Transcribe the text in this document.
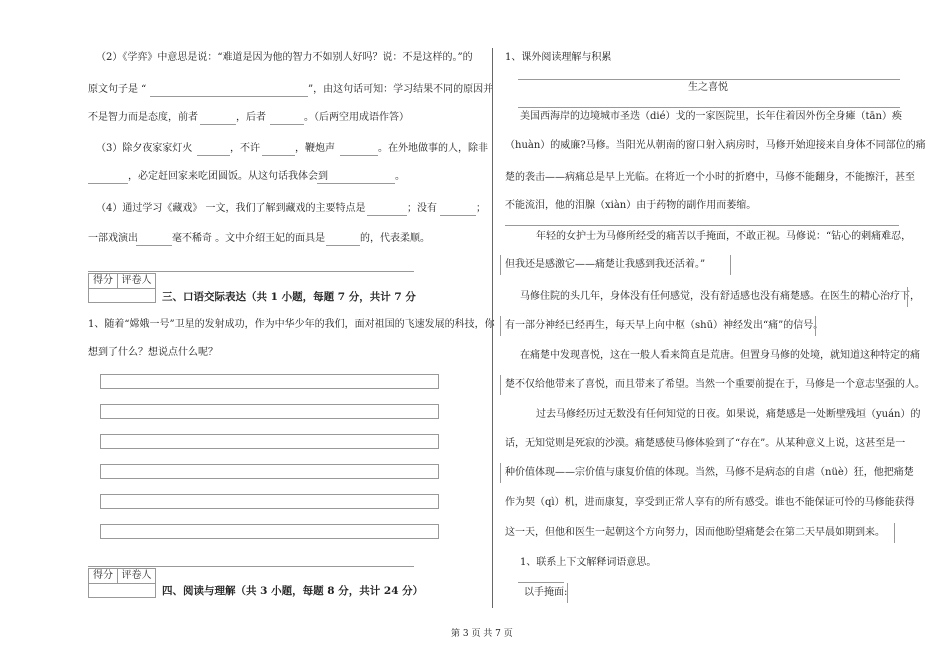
（2）《学弈》中意思是说：“难道是因为他的智力不如别人好吗？说：不是这样的。”的
原文句子是 “	”，由这句话可知：学习结果不同的原因并
不是智力而是态度，前者	，后者	。（后两空用成语作答）
（3）除夕夜家家灯火	，不许	，鞭炮声	。在外地做事的人，除非
，必定赶回家来吃团圆饭。从这句话我体会到	。
（4）通过学习《藏戏》 一文，我们了解到藏戏的主要特点是	；没有	；
一部戏演出	毫不稀奇 。文中介绍王妃的面具是	的，代表柔顺。
得分 评卷人
三、口语交际表达（共 1 小题，每题 7 分，共计 7 分
1、随着“嫦娥一号”卫星的发射成功，作为中华少年的我们，面对祖国的飞速发展的科技，你
想到了什么？想说点什么呢？
得分 评卷人
四、阅读与理解（共 3 小题，每题 8 分，共计 24 分）
1、课外阅读理解与积累
生之喜悦
美国西海岸的边境城市圣迭（dié）戈的一家医院里，长年住着因外伤全身瘫（tān）痪
（huàn）的威廉?马修。当阳光从朝南的窗口射入病房时，马修开始迎接来自身体不同部位的痛
楚的袭击——病痛总是早上光临。在将近一个小时的折磨中，马修不能翻身，不能擦汗，甚至
不能流泪，他的泪腺（xiàn）由于药物的副作用而萎缩。
年轻的女护士为马修所经受的痛苦以手掩面，不敢正视。马修说：“钻心的剌痛难忍，
但我还是感激它——痛楚让我感到我还活着。”
马修住院的头几年，身体没有任何感觉，没有舒适感也没有痛楚感。在医生的精心治疗下，
有一部分神经已经再生，每天早上向中枢（shū）神经发出“痛”的信号。
在痛楚中发现喜悦，这在一般人看来简直是荒唐。但置身马修的处境，就知道这种特定的痛
楚不仅给他带来了喜悦，而且带来了希望。当然一个重要前提在于，马修是一个意志坚强的人。
过去马修经历过无数没有任何知觉的日夜。如果说，痛楚感是一处断壁残垣（yuán）的
话，无知觉则是死寂的沙漠。痛楚感使马修体验到了“存在”。从某种意义上说，这甚至是一
种价值体现——宗价值与康复价值的体现。当然，马修不是病态的自虐（nüè）狂，他把痛楚
作为契（qì）机，进而康复，享受到正常人享有的所有感受。谁也不能保证可怜的马修能获得
这一天，但他和医生一起朝这个方向努力，因而他盼望痛楚会在第二天早晨如期到来。
1、联系上下文解释词语意思。
以手掩面:
第 3 页 共 7 页
